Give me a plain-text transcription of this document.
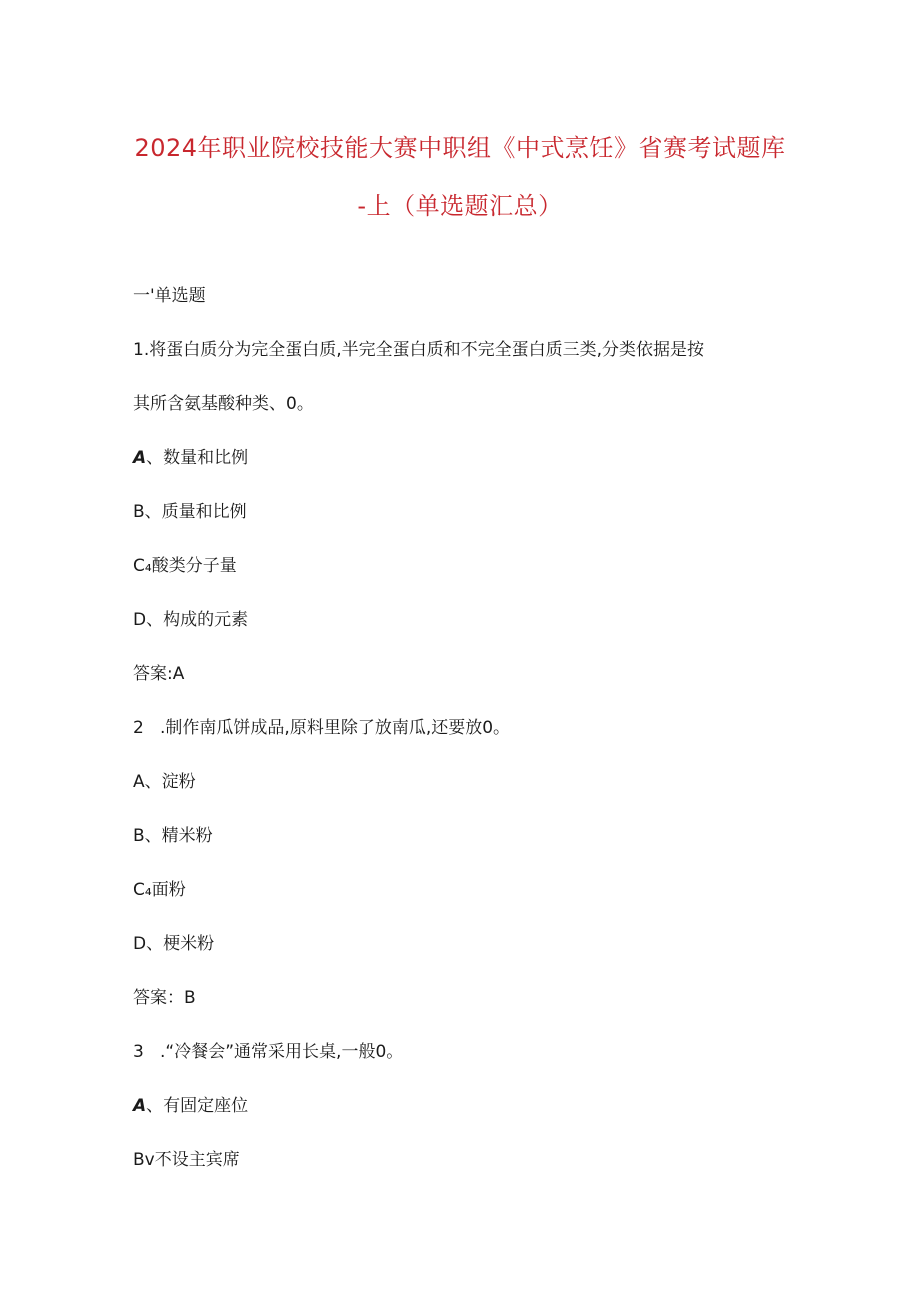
2024年职业院校技能大赛中职组《中式烹饪》省赛考试题库
-上（单选题汇总）
一'单选题
1.将蛋白质分为完全蛋白质,半完全蛋白质和不完全蛋白质三类,分类依据是按
其所含氨基酸种类、0。
A、数量和比例
B、质量和比例
C₄酸类分子量
D、构成的元素
答案:A
2   .制作南瓜饼成品,原料里除了放南瓜,还要放0。
A、淀粉
B、精米粉
C₄面粉
D、梗米粉
答案：B
3   .“冷餐会”通常采用长桌,一般0。
A、有固定座位
Bv不设主宾席
